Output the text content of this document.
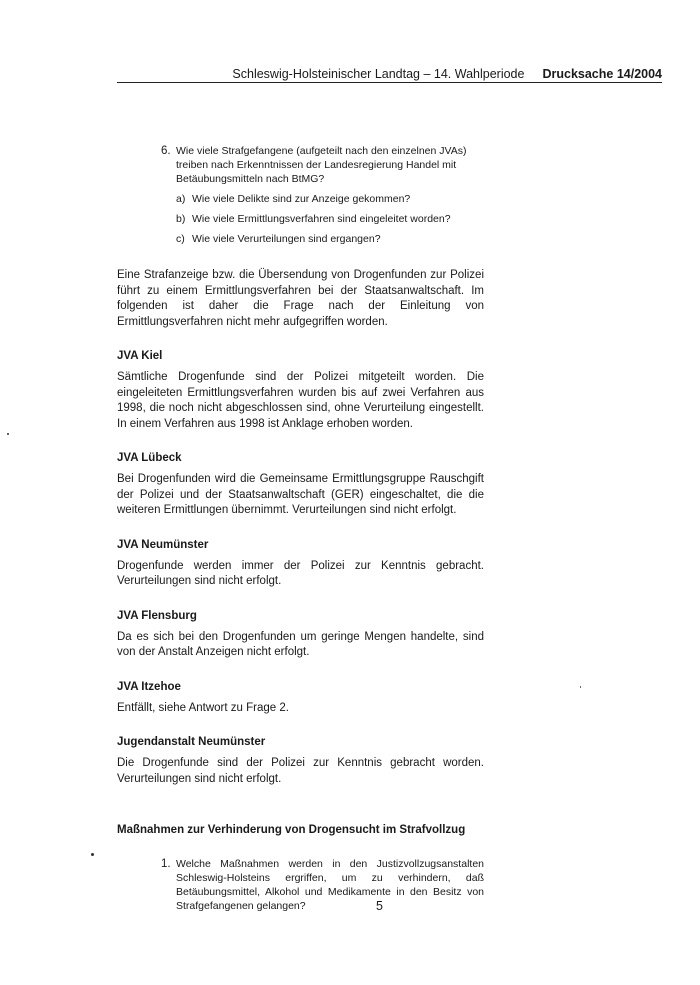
Schleswig-Holsteinischer Landtag – 14. Wahlperiode Drucksache 14/2004
6. Wie viele Strafgefangene (aufgeteilt nach den einzelnen JVAs) treiben nach Erkenntnissen der Landesregierung Handel mit Betäubungsmitteln nach BtMG?
a) Wie viele Delikte sind zur Anzeige gekommen?
b) Wie viele Ermittlungsverfahren sind eingeleitet worden?
c) Wie viele Verurteilungen sind ergangen?

Eine Strafanzeige bzw. die Übersendung von Drogenfunden zur Polizei führt zu einem Ermittlungsverfahren bei der Staatsanwaltschaft. Im folgenden ist daher die Frage nach der Einleitung von Ermittlungsverfahren nicht mehr aufgegriffen worden.

JVA Kiel

Sämtliche Drogenfunde sind der Polizei mitgeteilt worden. Die eingeleiteten Ermittlungsverfahren wurden bis auf zwei Verfahren aus 1998, die noch nicht abgeschlossen sind, ohne Verurteilung eingestellt. In einem Verfahren aus 1998 ist Anklage erhoben worden.

JVA Lübeck

Bei Drogenfunden wird die Gemeinsame Ermittlungsgruppe Rauschgift der Polizei und der Staatsanwaltschaft (GER) eingeschaltet, die die weiteren Ermittlungen übernimmt. Verurteilungen sind nicht erfolgt.

JVA Neumünster

Drogenfunde werden immer der Polizei zur Kenntnis gebracht. Verurteilungen sind nicht erfolgt.

JVA Flensburg

Da es sich bei den Drogenfunden um geringe Mengen handelte, sind von der Anstalt Anzeigen nicht erfolgt.

JVA Itzehoe

Entfällt, siehe Antwort zu Frage 2.

Jugendanstalt Neumünster

Die Drogenfunde sind der Polizei zur Kenntnis gebracht worden. Verurteilungen sind nicht erfolgt.

Maßnahmen zur Verhinderung von Drogensucht im Strafvollzug
1. Welche Maßnahmen werden in den Justizvollzugsanstalten Schleswig-Holsteins ergriffen, um zu verhindern, daß Betäubungsmittel, Alkohol und Medikamente in den Besitz von Strafgefangenen gelangen?	5
